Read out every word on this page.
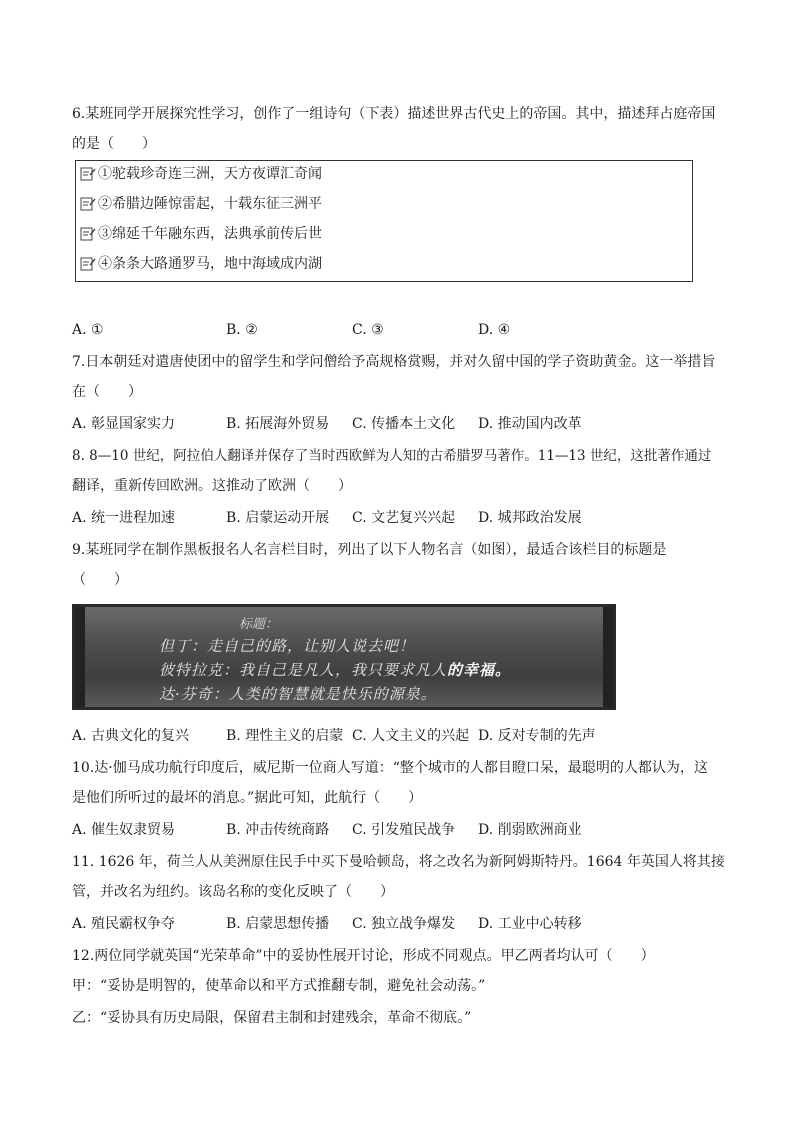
6.某班同学开展探究性学习，创作了一组诗句（下表）描述世界古代史上的帝国。其中，描述拜占庭帝国
的是（　　）
①驼载珍奇连三洲，天方夜谭汇奇闻
②希腊边陲惊雷起，十载东征三洲平
③绵延千年融东西，法典承前传后世
④条条大路通罗马，地中海域成内湖
A. ①	B. ②	C. ③	D. ④
7.日本朝廷对遣唐使团中的留学生和学问僧给予高规格赏赐，并对久留中国的学子资助黄金。这一举措旨
在（　　）
A. 彰显国家实力	B. 拓展海外贸易 C. 传播本土文化 D. 推动国内改革
8. 8—10 世纪，阿拉伯人翻译并保存了当时西欧鲜为人知的古希腊罗马著作。11—13 世纪，这批著作通过
翻译，重新传回欧洲。这推动了欧洲（　　）
A. 统一进程加速	B. 启蒙运动开展 C. 文艺复兴兴起 D. 城邦政治发展
9.某班同学在制作黑板报名人名言栏目时，列出了以下人物名言（如图），最适合该栏目的标题是
（　　）
标题：
但丁：走自己的路，让别人说去吧！
彼特拉克：我自己是凡人，我只要求凡人的幸福。
达·芬奇：人类的智慧就是快乐的源泉。
A. 古典文化的复兴	B. 理性主义的启蒙 C. 人文主义的兴起 D. 反对专制的先声
10.达·伽马成功航行印度后，威尼斯一位商人写道：“整个城市的人都目瞪口呆，最聪明的人都认为，这
是他们所听过的最坏的消息。”据此可知，此航行（　　）
A. 催生奴隶贸易	B. 冲击传统商路 C. 引发殖民战争 D. 削弱欧洲商业
11. 1626 年，荷兰人从美洲原住民手中买下曼哈顿岛，将之改名为新阿姆斯特丹。1664 年英国人将其接
管，并改名为纽约。该岛名称的变化反映了（　　）
A. 殖民霸权争夺	B. 启蒙思想传播 C. 独立战争爆发 D. 工业中心转移
12.两位同学就英国“光荣革命”中的妥协性展开讨论，形成不同观点。甲乙两者均认可（　　）
甲：“妥协是明智的，使革命以和平方式推翻专制，避免社会动荡。”
乙：“妥协具有历史局限，保留君主制和封建残余，革命不彻底。”
